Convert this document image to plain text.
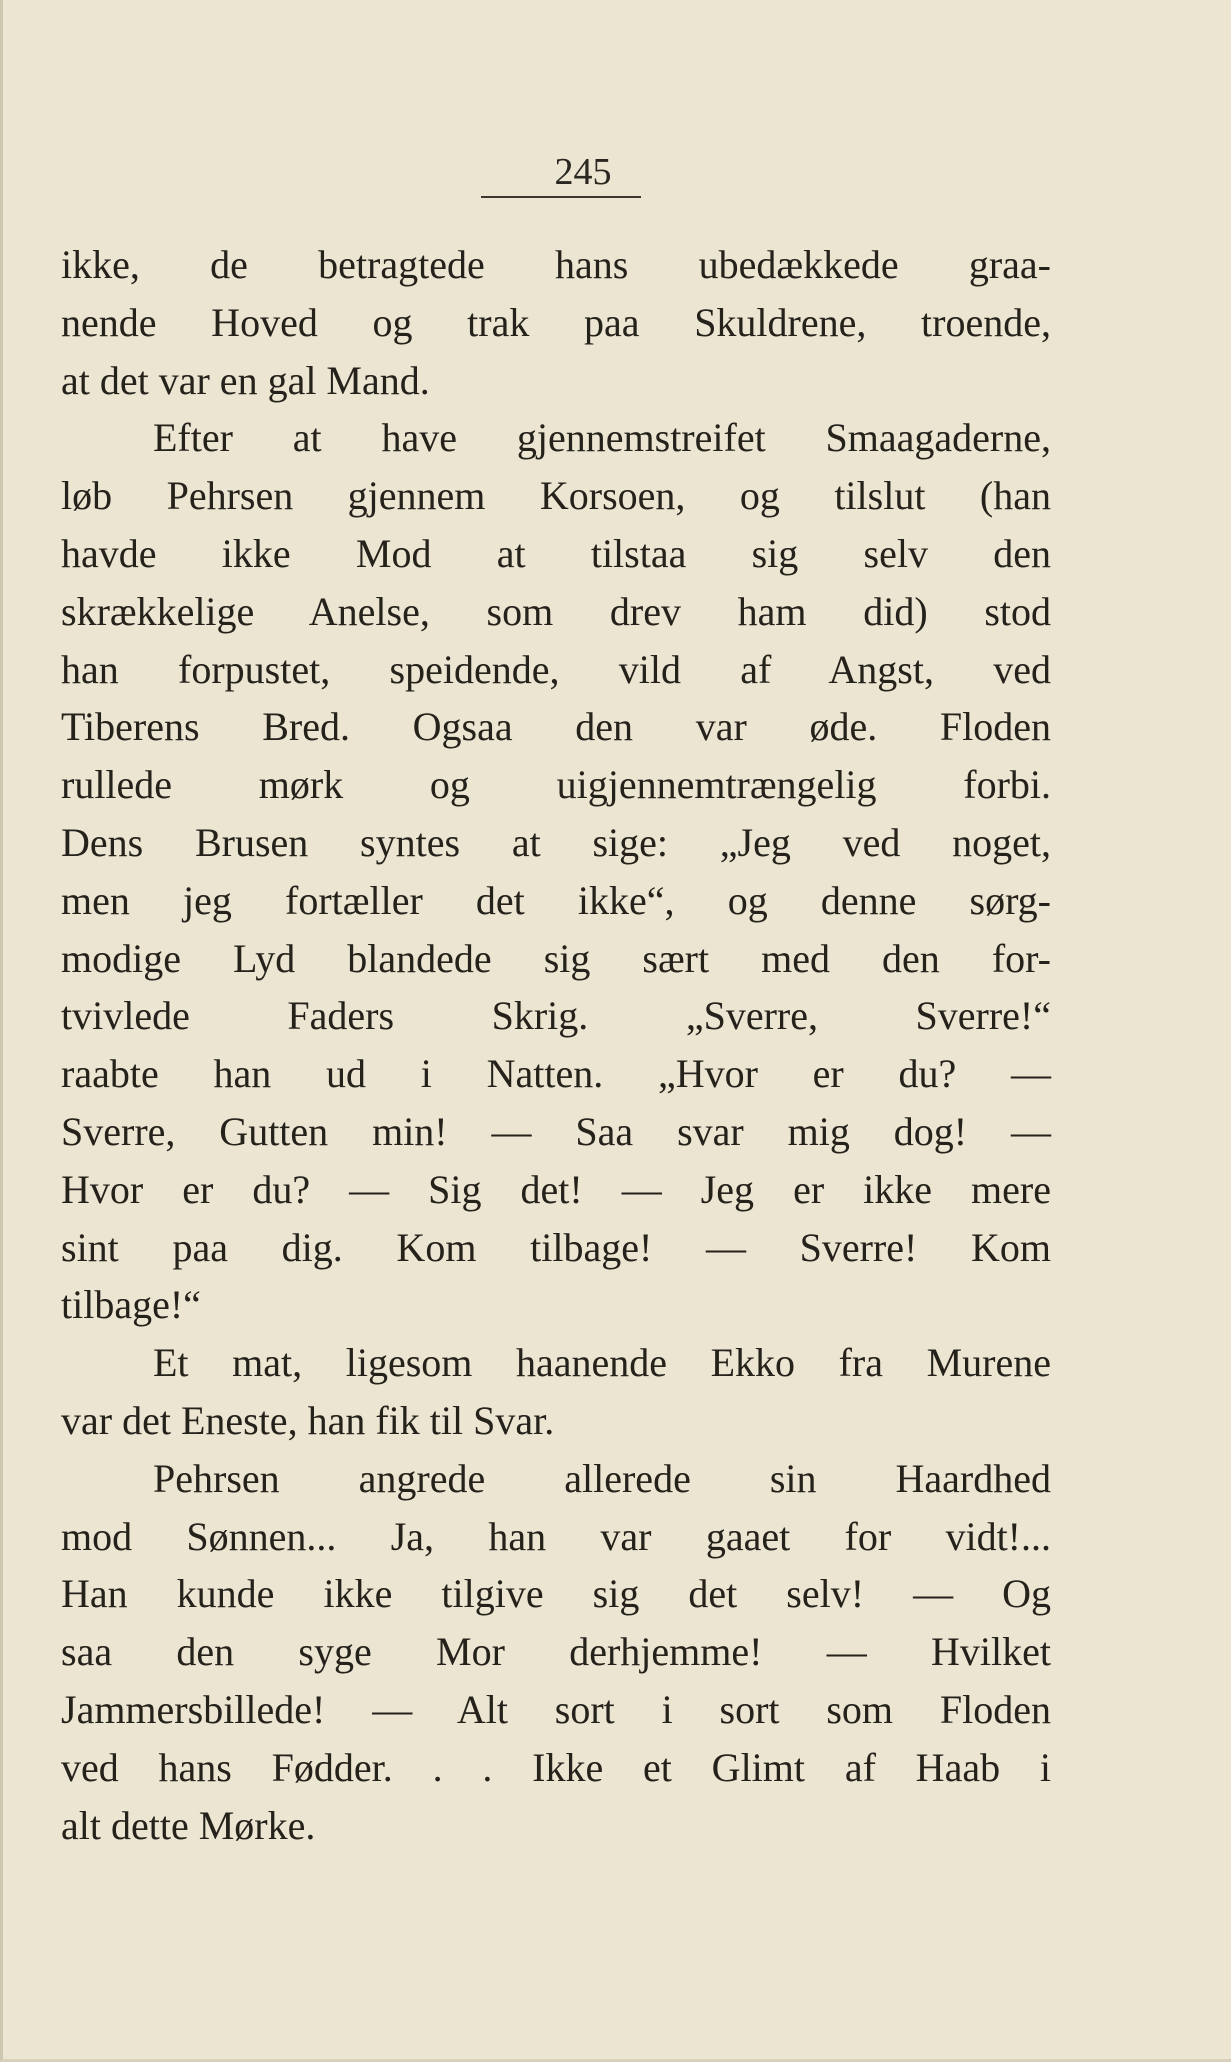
245
ikke, de betragtede hans ubedækkede graa-
nende Hoved og trak paa Skuldrene, troende,
at det var en gal Mand.
Efter at have gjennemstreifet Smaagaderne,
løb Pehrsen gjennem Korsoen, og tilslut (han
havde ikke Mod at tilstaa sig selv den
skrækkelige Anelse, som drev ham did) stod
han forpustet, speidende, vild af Angst, ved
Tiberens Bred. Ogsaa den var øde. Floden
rullede mørk og uigjennemtrængelig forbi.
Dens Brusen syntes at sige: „Jeg ved noget,
men jeg fortæller det ikke“, og denne sørg-
modige Lyd blandede sig sært med den for-
tvivlede Faders Skrig. „Sverre, Sverre!“
raabte han ud i Natten. „Hvor er du? —
Sverre, Gutten min! — Saa svar mig dog! —
Hvor er du? — Sig det! — Jeg er ikke mere
sint paa dig. Kom tilbage! — Sverre! Kom
tilbage!“
Et mat, ligesom haanende Ekko fra Murene
var det Eneste, han fik til Svar.
Pehrsen angrede allerede sin Haardhed
mod Sønnen... Ja, han var gaaet for vidt!...
Han kunde ikke tilgive sig det selv! — Og
saa den syge Mor derhjemme! — Hvilket
Jammersbillede! — Alt sort i sort som Floden
ved hans Fødder. . . Ikke et Glimt af Haab i
alt dette Mørke.
